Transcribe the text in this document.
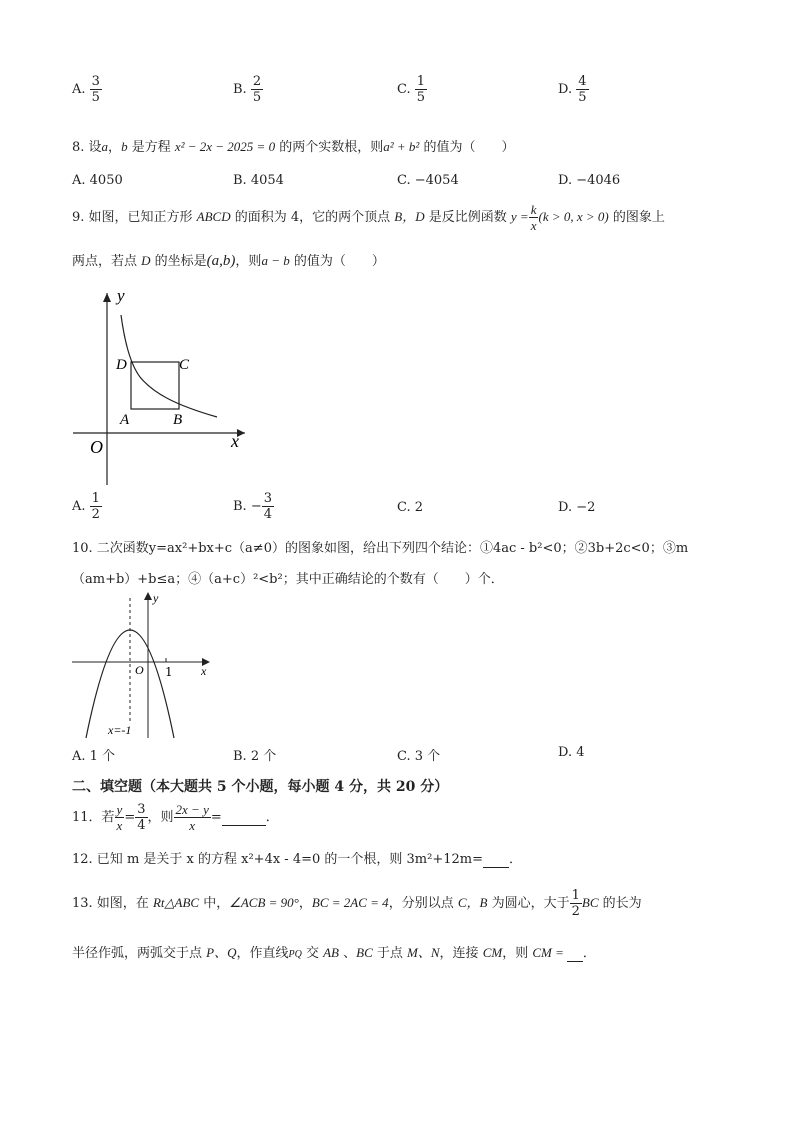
A. $\frac{3}{5}$	B. $\frac{2}{5}$	C. $\frac{1}{5}$	D. $\frac{4}{5}$
8. 设a，b 是方程 x² − 2x − 2025 = 0 的两个实数根，则a² + b² 的值为（　　）
A. 4050	B. 4054	C. −4054	D. −4046
9. 如图，已知正方形 ABCD 的面积为 4，它的两个顶点 B，D 是反比例函数 $y = \frac{k}{x} (k > 0$, x > 0) 的图象上
两点，若点 D 的坐标是(a,b)，则a − b 的值为（　　）
y
x
O
A	B
C
D
A. $\frac{1}{2}$	B. − $\frac{3}{4}$	C. 2	D. −2
10. 二次函数y=ax²+bx+c（a≠0）的图象如图，给出下列四个结论：①4ac - b²<0；②3b+2c<0；③m
（am+b）+b≤a；④（a+c）²<b²；其中正确结论的个数有（　　）个．
y
x
O 1
x=-1
A. 1 个	B. 2 个	C. 3 个	D. 4
二、填空题（本大题共 5 个小题，每小题 4 分，共 20 分）
11．若 $\frac{y}{x} = \frac{3}{4}$ ，则 $\frac{2x - y}{x}$ =	．
12. 已知 m 是关于 x 的方程 x²+4x - 4=0 的一个根，则 3m²+12m= ．
13. 如图，在 Rt△ABC 中，∠ACB = 90°，BC = 2AC = 4，分别以点 C，B 为圆心，大于 $\frac{1}{2}$ BC 的长为
半径作弧，两弧交于点 P、Q，作直线PQ 交 AB 、BC 于点 M、N，连接 CM，则 CM = ．
